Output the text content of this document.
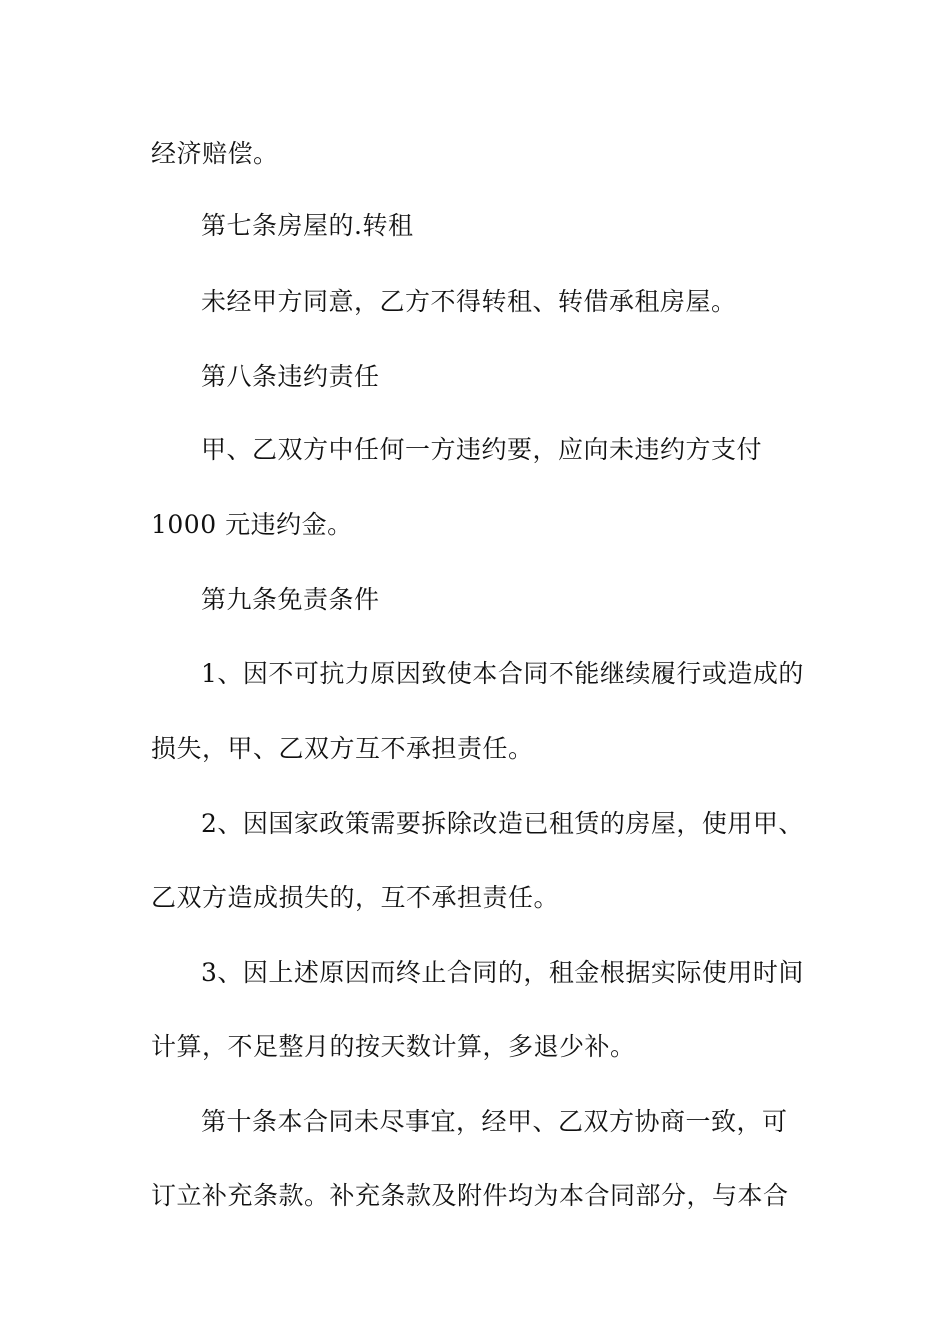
经济赔偿。
第七条房屋的.转租
未经甲方同意，乙方不得转租、转借承租房屋。
第八条违约责任
甲、乙双方中任何一方违约要，应向未违约方支付
1000 元违约金。
第九条免责条件
1、因不可抗力原因致使本合同不能继续履行或造成的
损失，甲、乙双方互不承担责任。
2、因国家政策需要拆除改造已租赁的房屋，使用甲、
乙双方造成损失的，互不承担责任。
3、因上述原因而终止合同的，租金根据实际使用时间
计算，不足整月的按天数计算，多退少补。
第十条本合同未尽事宜，经甲、乙双方协商一致，可
订立补充条款。补充条款及附件均为本合同部分，与本合
